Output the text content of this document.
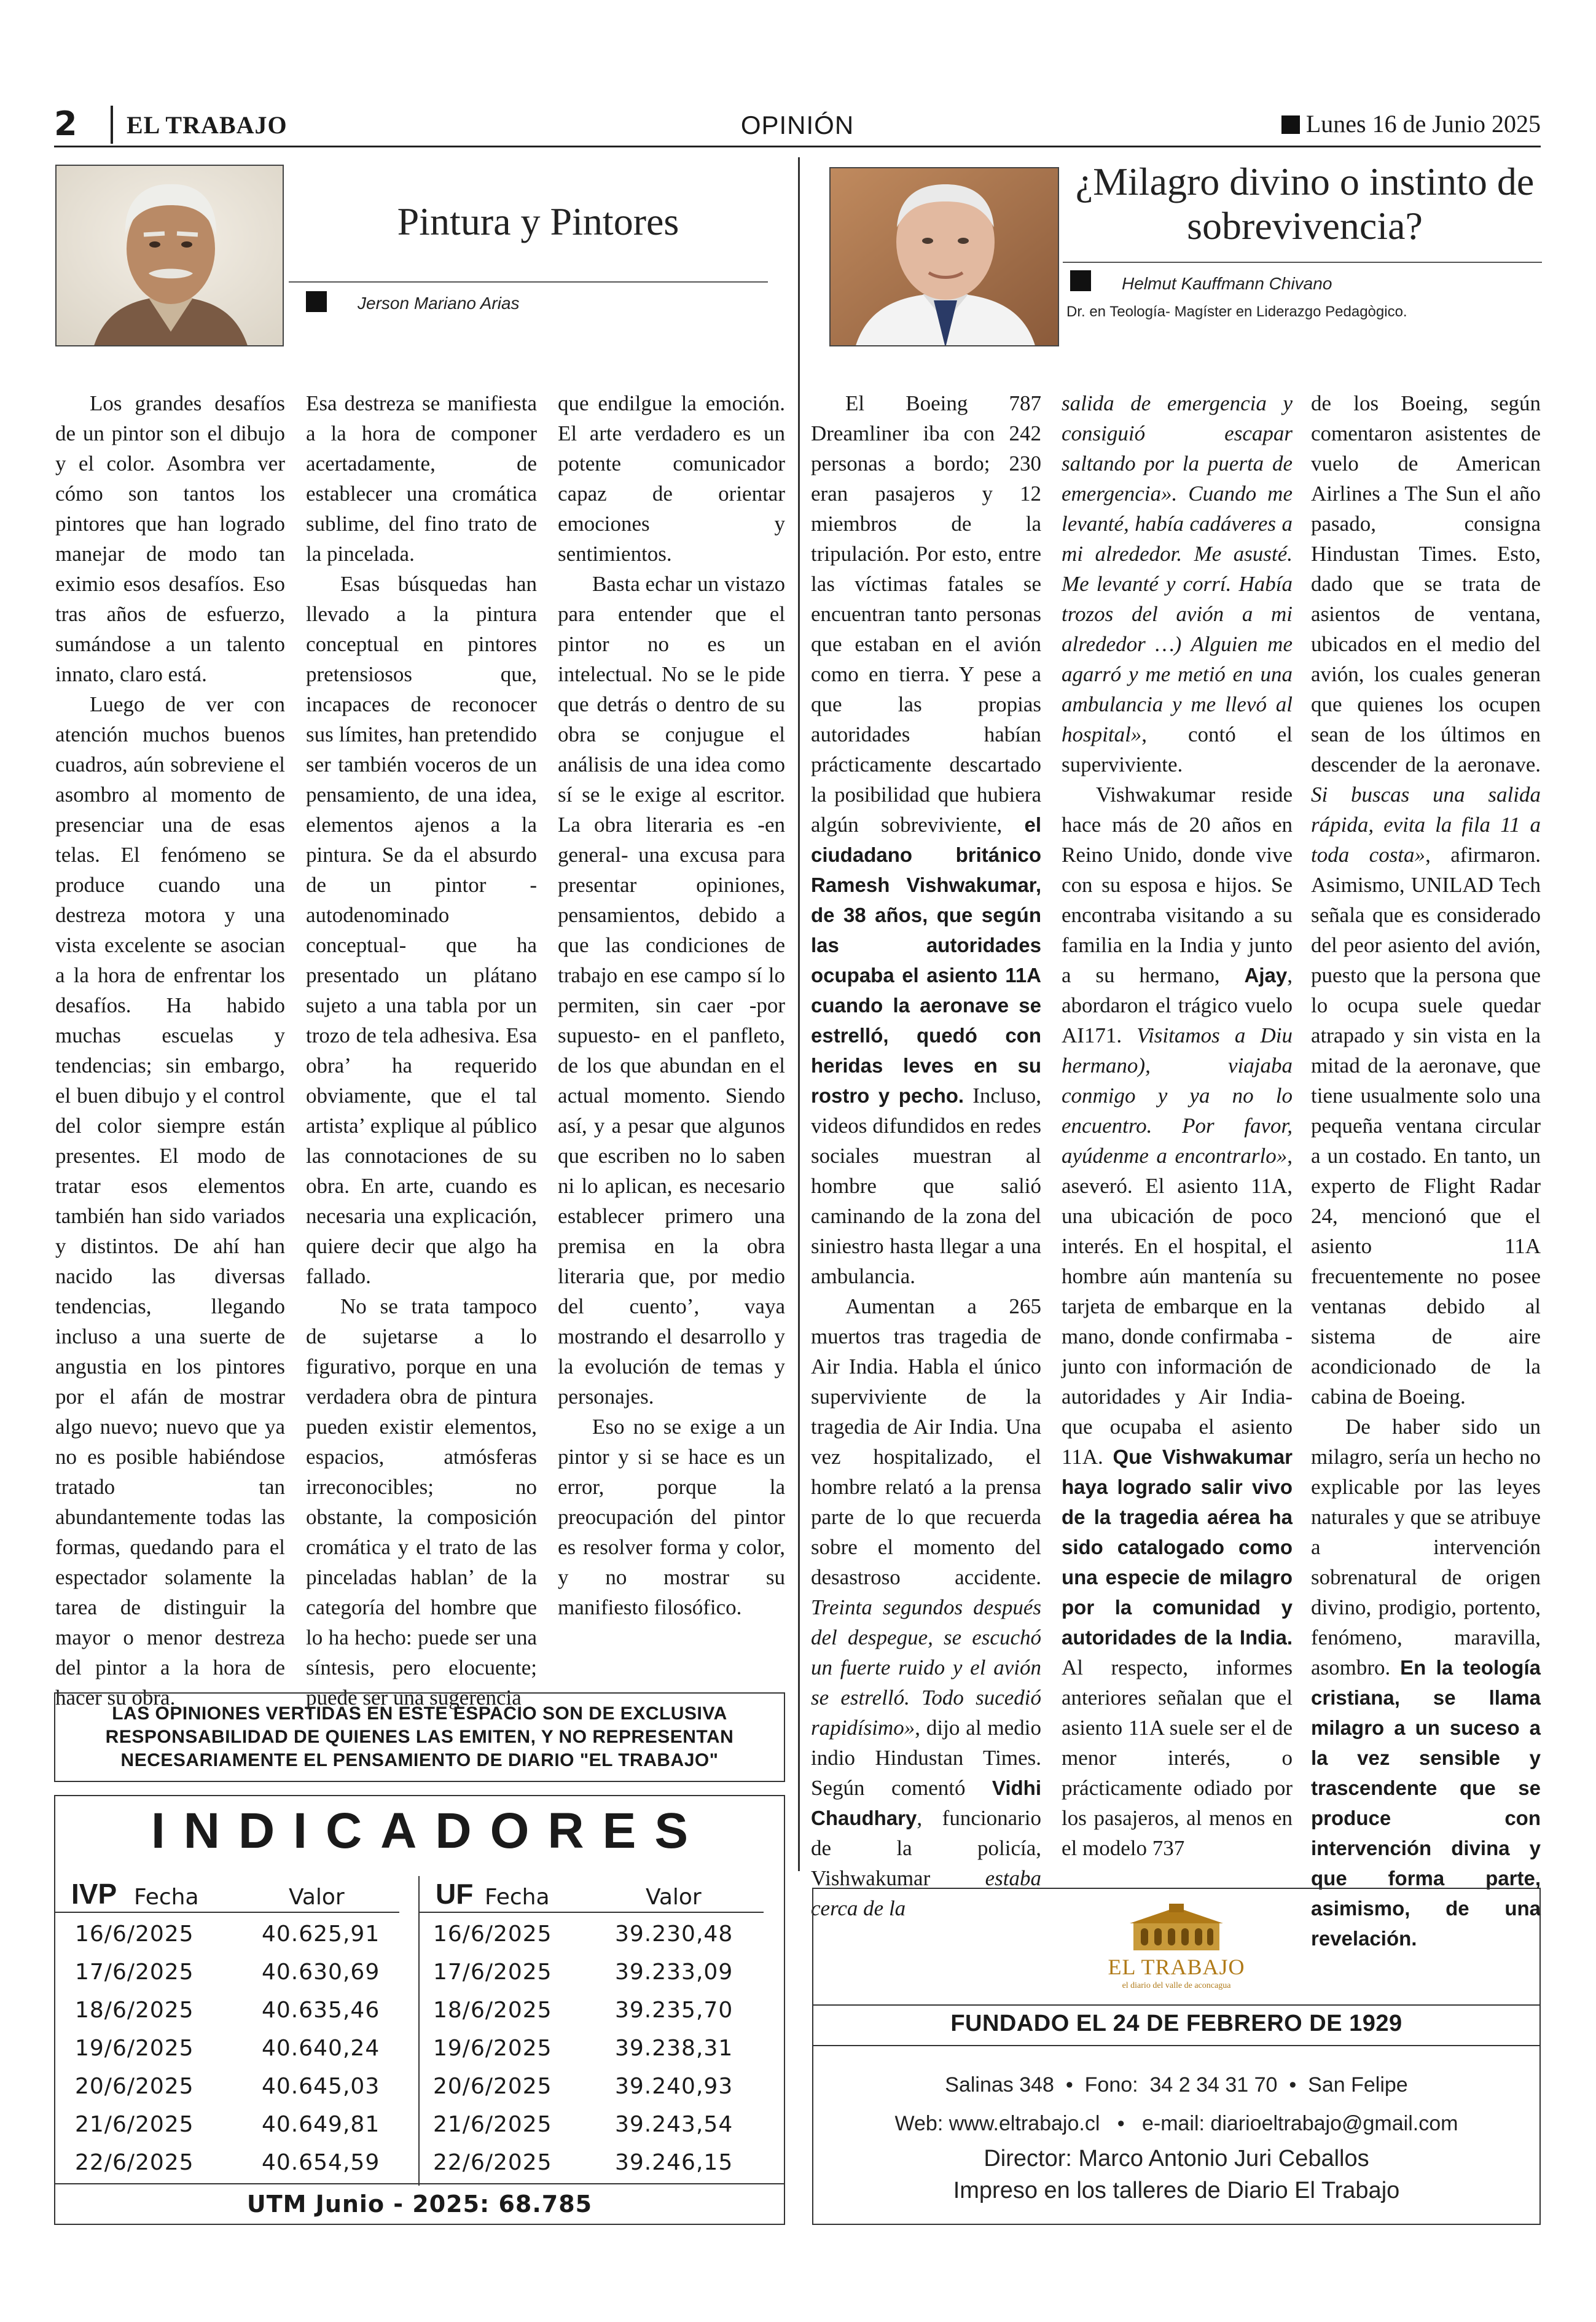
2 EL TRABAJO	OPINIÓN	Lunes 16 de Junio 2025
Pintura y Pintores
Jerson Mariano Arias

Los grandes desafíos de un pintor son el dibujo y el color. Asombra ver cómo son tantos los pintores que han logrado manejar de modo tan eximio esos desafíos. Eso tras años de esfuerzo, sumándose a un talento innato, claro está.

Luego de ver con atención muchos buenos cuadros, aún sobreviene el asombro al momento de presenciar una de esas telas. El fenómeno se produce cuando una destreza motora y una vista excelente se asocian a la hora de enfrentar los desafíos. Ha habido muchas escuelas y tendencias; sin embargo, el buen dibujo y el control del color siempre están presentes. El modo de tratar esos elementos también han sido variados y distintos. De ahí han nacido las diversas tendencias, llegando incluso a una suerte de angustia en los pintores por el afán de mostrar algo nuevo; nuevo que ya no es posible habiéndose tratado tan abundantemente todas las formas, quedando para el espectador solamente la tarea de distinguir la mayor o menor destreza del pintor a la hora de hacer su obra.

Esa destreza se manifiesta a la hora de componer acertadamente, de establecer una cromática sublime, del fino trato de la pincelada.

Esas búsquedas han llevado a la pintura conceptual en pintores pretensiosos que, incapaces de reconocer sus límites, han pretendido ser también voceros de un pensamiento, de una idea, elementos ajenos a la pintura. Se da el absurdo de un pintor -autodenominado conceptual- que ha presentado un plátano sujeto a una tabla por un trozo de tela adhesiva. Esa obra’ ha requerido obviamente, que el tal artista’ explique al público las connotaciones de su obra. En arte, cuando es necesaria una explicación, quiere decir que algo ha fallado.

No se trata tampoco de sujetarse a lo figurativo, porque en una verdadera obra de pintura pueden existir elementos, espacios, atmósferas irreconocibles; no obstante, la composición cromática y el trato de las pinceladas hablan’ de la categoría del hombre que lo ha hecho: puede ser una síntesis, pero elocuente; puede ser una sugerencia

que endilgue la emoción. El arte verdadero es un potente comunicador capaz de orientar emociones y sentimientos.

Basta echar un vistazo para entender que el pintor no es un intelectual. No se le pide que detrás o dentro de su obra se conjugue el análisis de una idea como sí se le exige al escritor. La obra literaria es -en general- una excusa para presentar opiniones, pensamientos, debido a que las condiciones de trabajo en ese campo sí lo permiten, sin caer -por supuesto- en el panfleto, de los que abundan en el actual momento. Siendo así, y a pesar que algunos que escriben no lo saben ni lo aplican, es necesario establecer primero una premisa en la obra literaria que, por medio del cuento’, vaya mostrando el desarrollo y la evolución de temas y personajes.

Eso no se exige a un pintor y si se hace es un error, porque la preocupación del pintor es resolver forma y color, y no mostrar su manifiesto filosófico.

¿Milagro divino o instinto de sobrevivencia?
Helmut Kauffmann Chivano
Dr. en Teología- Magíster en Liderazgo Pedagògico.

El Boeing 787 Dreamliner iba con 242 personas a bordo; 230 eran pasajeros y 12 miembros de la tripulación. Por esto, entre las víctimas fatales se encuentran tanto personas que estaban en el avión como en tierra. Y pese a que las propias autoridades habían prácticamente descartado la posibilidad que hubiera algún sobreviviente, el ciudadano británico Ramesh Vishwakumar, de 38 años, que según las autoridades ocupaba el asiento 11A cuando la aeronave se estrelló, quedó con heridas leves en su rostro y pecho. Incluso, videos difundidos en redes sociales muestran al hombre que salió caminando de la zona del siniestro hasta llegar a una ambulancia.

Aumentan a 265 muertos tras tragedia de Air India. Habla el único superviviente de la tragedia de Air India. Una vez hospitalizado, el hombre relató a la prensa parte de lo que recuerda sobre el momento del desastroso accidente. Treinta segundos después del despegue, se escuchó un fuerte ruido y el avión se estrelló. Todo sucedió rapidísimo», dijo al medio indio Hindustan Times. Según comentó Vidhi Chaudhary, funcionario de la policía, Vishwakumar estaba cerca de la

salida de emergencia y consiguió escapar saltando por la puerta de emergencia». Cuando me levanté, había cadáveres a mi alrededor. Me asusté. Me levanté y corrí. Había trozos del avión a mi alrededor …) Alguien me agarró y me metió en una ambulancia y me llevó al hospital», contó el superviviente.

Vishwakumar reside hace más de 20 años en Reino Unido, donde vive con su esposa e hijos. Se encontraba visitando a su familia en la India y junto a su hermano, Ajay, abordaron el trágico vuelo AI171. Visitamos a Diu hermano), viajaba conmigo y ya no lo encuentro. Por favor, ayúdenme a encontrarlo», aseveró. El asiento 11A, una ubicación de poco interés. En el hospital, el hombre aún mantenía su tarjeta de embarque en la mano, donde confirmaba -junto con información de autoridades y Air India- que ocupaba el asiento 11A. Que Vishwakumar haya logrado salir vivo de la tragedia aérea ha sido catalogado como una especie de milagro por la comunidad y autoridades de la India. Al respecto, informes anteriores señalan que el asiento 11A suele ser el de menor interés, o prácticamente odiado por los pasajeros, al menos en el modelo 737

de los Boeing, según comentaron asistentes de vuelo de American Airlines a The Sun el año pasado, consigna Hindustan Times. Esto, dado que se trata de asientos de ventana, ubicados en el medio del avión, los cuales generan que quienes los ocupen sean de los últimos en descender de la aeronave. Si buscas una salida rápida, evita la fila 11 a toda costa», afirmaron. Asimismo, UNILAD Tech señala que es considerado del peor asiento del avión, puesto que la persona que lo ocupa suele quedar atrapado y sin vista en la mitad de la aeronave, que tiene usualmente solo una pequeña ventana circular a un costado. En tanto, un experto de Flight Radar 24, mencionó que el asiento 11A frecuentemente no posee ventanas debido al sistema de aire acondicionado de la cabina de Boeing.

De haber sido un milagro, sería un hecho no explicable por las leyes naturales y que se atribuye a intervención sobrenatural de origen divino, prodigio, portento, fenómeno, maravilla, asombro. En la teología cristiana, se llama milagro a un suceso a la vez sensible y trascendente que se produce con intervención divina y que forma parte, asimismo, de una revelación.

LAS OPINIONES VERTIDAS EN ESTE ESPACIO SON DE EXCLUSIVA
RESPONSABILIDAD DE QUIENES LAS EMITEN, Y NO REPRESENTAN
NECESARIAMENTE EL PENSAMIENTO DE DIARIO "EL TRABAJO"
INDICADORES
IVP Fecha	Valor
16/6/2025	40.625,91
17/6/2025	40.630,69
18/6/2025	40.635,46
19/6/2025	40.640,24
20/6/2025	40.645,03
21/6/2025	40.649,81
22/6/2025	40.654,59
UF Fecha	Valor
16/6/2025	39.230,48
17/6/2025	39.233,09
18/6/2025	39.235,70
19/6/2025	39.238,31
20/6/2025	39.240,93
21/6/2025	39.243,54
22/6/2025	39.246,15
UTM Junio - 2025: 68.785
EL TRABAJO
el diario del valle de aconcagua
FUNDADO EL 24 DE FEBRERO DE 1929
Salinas 348  •  Fono:  34 2 34 31 70  •  San Felipe
Web: www.eltrabajo.cl   •   e-mail: diarioeltrabajo@gmail.com
Director: Marco Antonio Juri Ceballos
Impreso en los talleres de Diario El Trabajo
